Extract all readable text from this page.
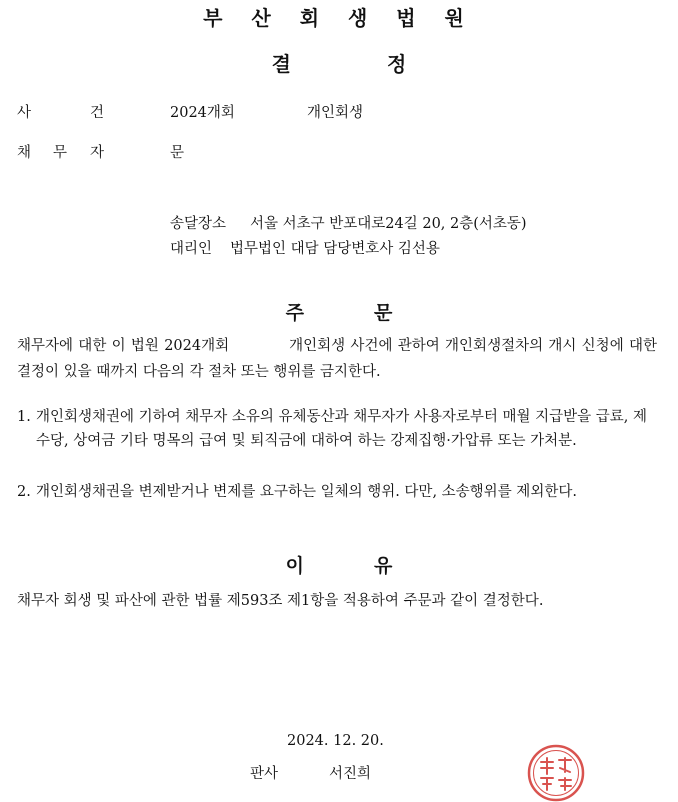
부 산 회 생 법 원
결	정
사	건	2024개회	개인회생
채 무 자	문
송달장소 서울 서초구 반포대로24길 20, 2층(서초동)
대리인 법무법인 대담 담당변호사 김선용
주	문
채무자에 대한 이 법원 2024개회	개인회생 사건에 관하여 개인회생절차의 개시 신청에 대한 결정이 있을 때까지 다음의 각 절차 또는 행위를 금지한다.
1. 개인회생채권에 기하여 채무자 소유의 유체동산과 채무자가 사용자로부터 매월 지급받을 급료, 제수당, 상여금 기타 명목의 급여 및 퇴직금에 대하여 하는 강제집행·가압류 또는 가처분.
2. 개인회생채권을 변제받거나 변제를 요구하는 일체의 행위. 다만, 소송행위를 제외한다.
이	유
채무자 회생 및 파산에 관한 법률 제593조 제1항을 적용하여 주문과 같이 결정한다.
2024. 12. 20.
판사	서진희
